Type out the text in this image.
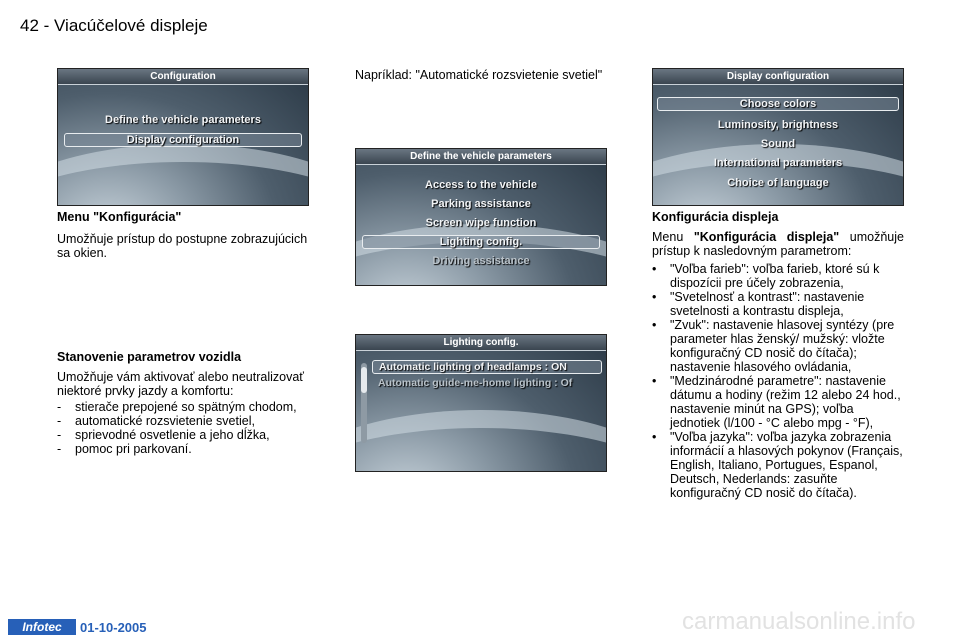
42 - Viacúčelové displeje
Configuration
Define the vehicle parameters
Display configuration
Menu "Konfigurácia"

Umožňuje prístup do postupne zobrazujúcich sa okien.

Stanovenie parametrov vozidla

Umožňuje vám aktivovať alebo neutralizovať niektoré prvky jazdy a komfortu:

-	stierače prepojené so spätným chodom,
-	automatické rozsvietenie svetiel,
-	sprievodné osvetlenie a jeho dĺžka,
-	pomoc pri parkovaní.

Napríklad: "Automatické rozsvietenie svetiel"

Define the vehicle parameters
Access to the vehicle
Parking assistance
Screen wipe function
Lighting config.
Driving assistance
Lighting config.
Automatic lighting of headlamps : ON
Automatic guide-me-home lighting : Of
Display configuration
Choose colors
Luminosity, brightness
Sound
International parameters
Choice of language
Konfigurácia displeja

Menu "Konfigurácia displeja" umožňuje prístup k nasledovným parametrom:

•	"Voľba farieb": voľba farieb, ktoré sú k dispozícii pre účely zobrazenia,
•	"Svetelnosť a kontrast": nastavenie svetelnosti a kontrastu displeja,
•	"Zvuk": nastavenie hlasovej syntézy (pre parameter hlas ženský/ mužský: vložte konfiguračný CD nosič do čítača); nastavenie hlasového ovládania,
•	"Medzinárodné parametre": nastavenie dátumu a hodiny (režim 12 alebo 24 hod., nastavenie minút na GPS); voľba jednotiek (l/100 - °C alebo mpg - °F),
•	"Voľba jazyka": voľba jazyka zobrazenia informácií a hlasových pokynov (Français, English, Italiano, Portugues, Espanol, Deutsch, Nederlands: zasuňte konfiguračný CD nosič do čítača).
Infotec	01-10-2005	carmanualsonline.info
